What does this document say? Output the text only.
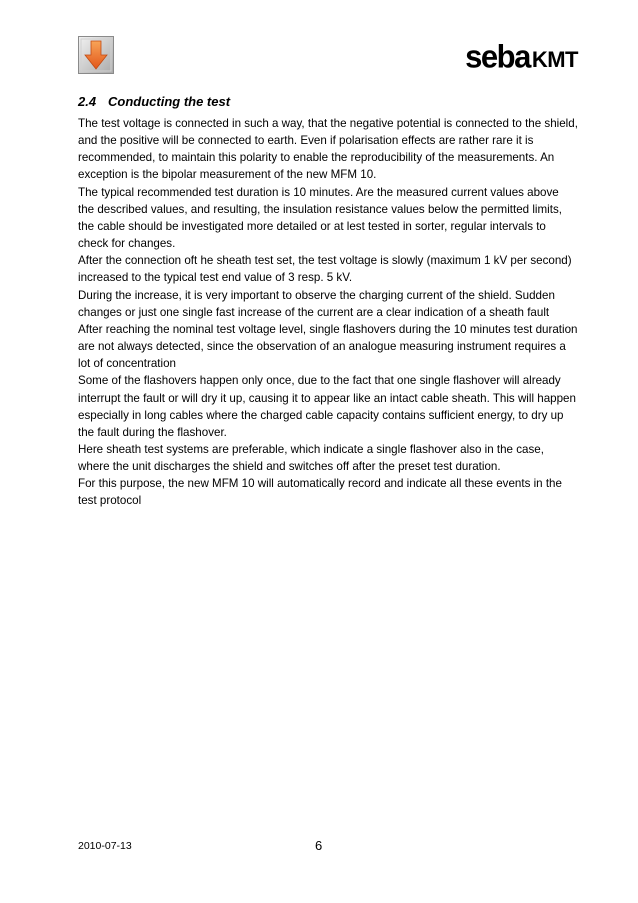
seba KMT
2.4 Conducting the test

The test voltage is connected in such a way, that the negative potential is connected to the shield, and the positive will be connected to earth. Even if polarisation effects are rather rare it is recommended, to maintain this polarity to enable the reproducibility of the measurements. An exception is the bipolar measurement of the new MFM 10.

The typical recommended test duration is 10 minutes. Are the measured current values above the described values, and resulting, the insulation resistance values below the permitted limits, the cable should be investigated more detailed or at lest tested in sorter, regular intervals to check for changes.

After the connection oft he sheath test set, the test voltage is slowly (maximum 1 kV per second) increased to the typical test end value of 3 resp. 5 kV.

During the increase, it is very important to observe the charging current of the shield. Sudden changes or just one single fast increase of the current are a clear indication of a sheath fault

After reaching the nominal test voltage level, single flashovers during the 10 minutes test duration are not always detected, since the observation of an analogue measuring instrument requires a lot of concentration

Some of the flashovers happen only once, due to the fact that one single flashover will already interrupt the fault or will dry it up, causing it to appear like an intact cable sheath. This will happen especially in long cables where the charged cable capacity contains sufficient energy, to dry up the fault during the flashover.

Here sheath test systems are preferable, which indicate a single flashover also in the case, where the unit discharges the shield and switches off after the preset test duration.

For this purpose, the new MFM 10 will automatically record and indicate all these events in the test protocol

2010-07-13	6
